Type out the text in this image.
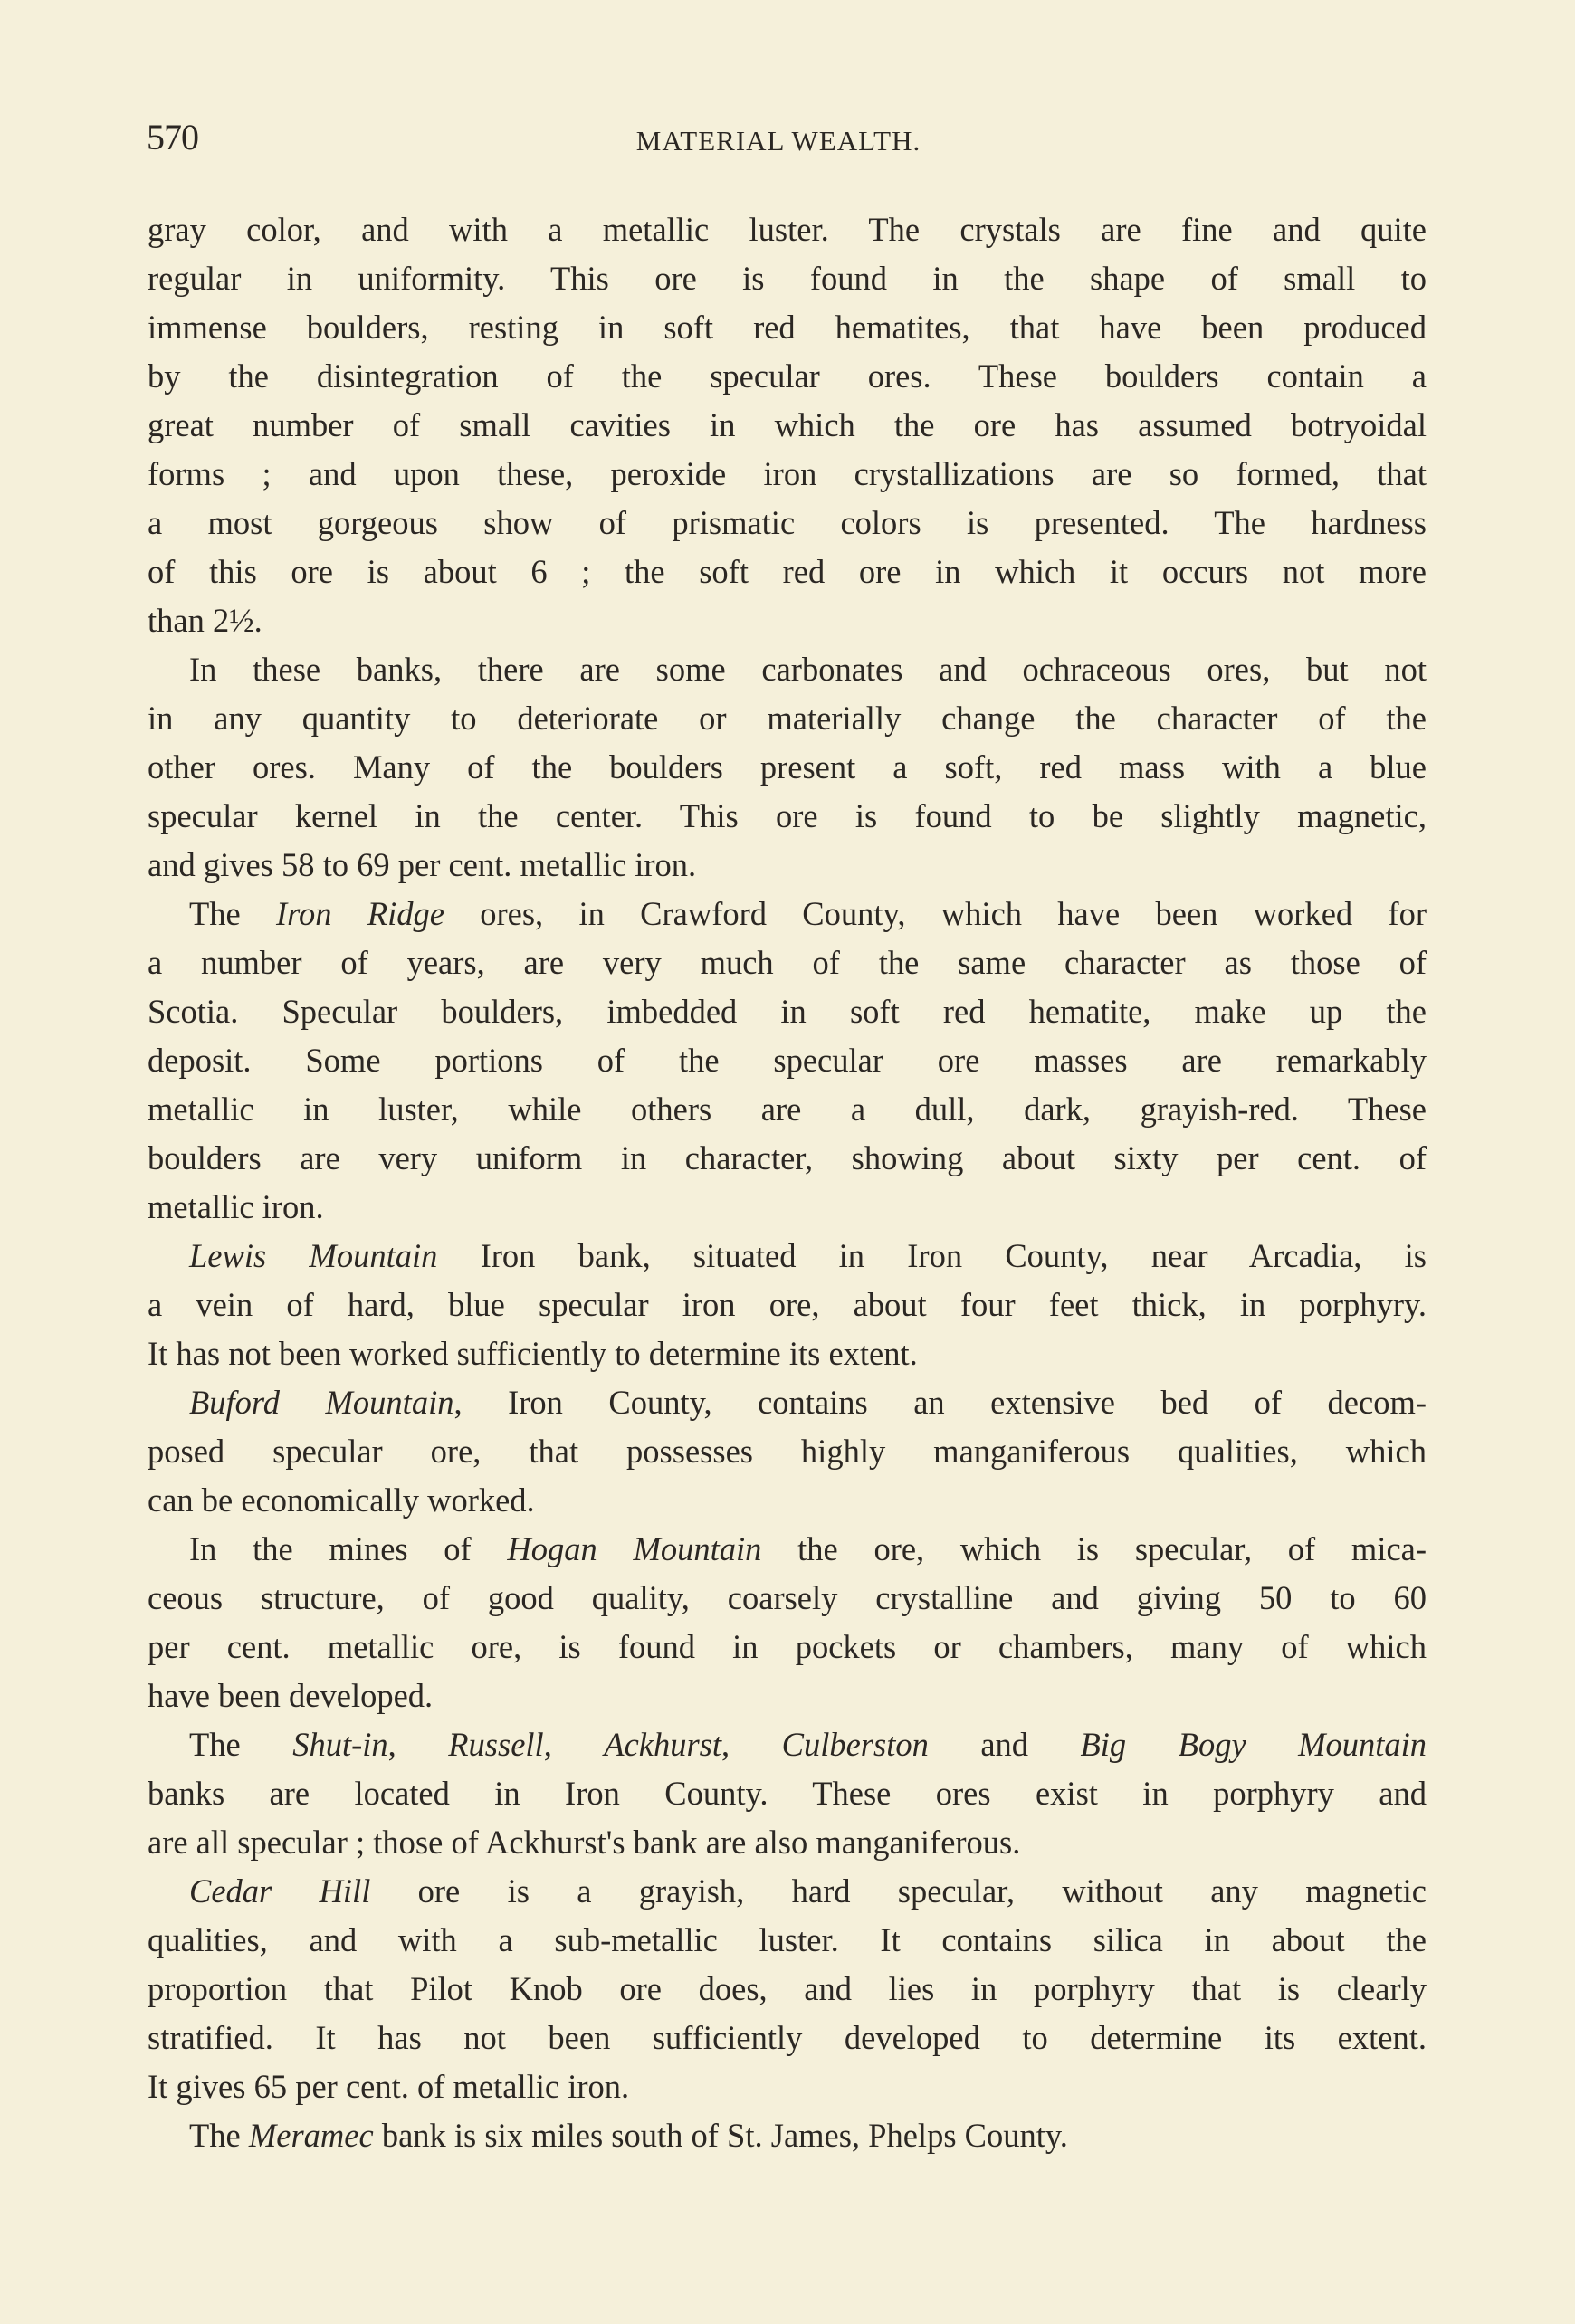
570	MATERIAL WEALTH.
gray color, and with a metallic luster. The crystals are fine and quite
regular in uniformity. This ore is found in the shape of small to
immense boulders, resting in soft red hematites, that have been produced
by the disintegration of the specular ores. These boulders contain a
great number of small cavities in which the ore has assumed botryoidal
forms ; and upon these, peroxide iron crystallizations are so formed, that
a most gorgeous show of prismatic colors is presented. The hardness
of this ore is about 6 ; the soft red ore in which it occurs not more
than 2½.
In these banks, there are some carbonates and ochraceous ores, but not
in any quantity to deteriorate or materially change the character of the
other ores. Many of the boulders present a soft, red mass with a blue
specular kernel in the center. This ore is found to be slightly magnetic,
and gives 58 to 69 per cent. metallic iron.
The Iron Ridge ores, in Crawford County, which have been worked for
a number of years, are very much of the same character as those of
Scotia. Specular boulders, imbedded in soft red hematite, make up the
deposit. Some portions of the specular ore masses are remarkably
metallic in luster, while others are a dull, dark, grayish-red. These
boulders are very uniform in character, showing about sixty per cent. of
metallic iron.
Lewis Mountain Iron bank, situated in Iron County, near Arcadia, is
a vein of hard, blue specular iron ore, about four feet thick, in porphyry.
It has not been worked sufficiently to determine its extent.
Buford Mountain, Iron County, contains an extensive bed of decom-
posed specular ore, that possesses highly manganiferous qualities, which
can be economically worked.
In the mines of Hogan Mountain the ore, which is specular, of mica-
ceous structure, of good quality, coarsely crystalline and giving 50 to 60
per cent. metallic ore, is found in pockets or chambers, many of which
have been developed.
The Shut-in, Russell, Ackhurst, Culberston and Big Bogy Mountain
banks are located in Iron County. These ores exist in porphyry and
are all specular ; those of Ackhurst's bank are also manganiferous.
Cedar Hill ore is a grayish, hard specular, without any magnetic
qualities, and with a sub-metallic luster. It contains silica in about the
proportion that Pilot Knob ore does, and lies in porphyry that is clearly
stratified. It has not been sufficiently developed to determine its extent.
It gives 65 per cent. of metallic iron.
The Meramec bank is six miles south of St. James, Phelps County.
